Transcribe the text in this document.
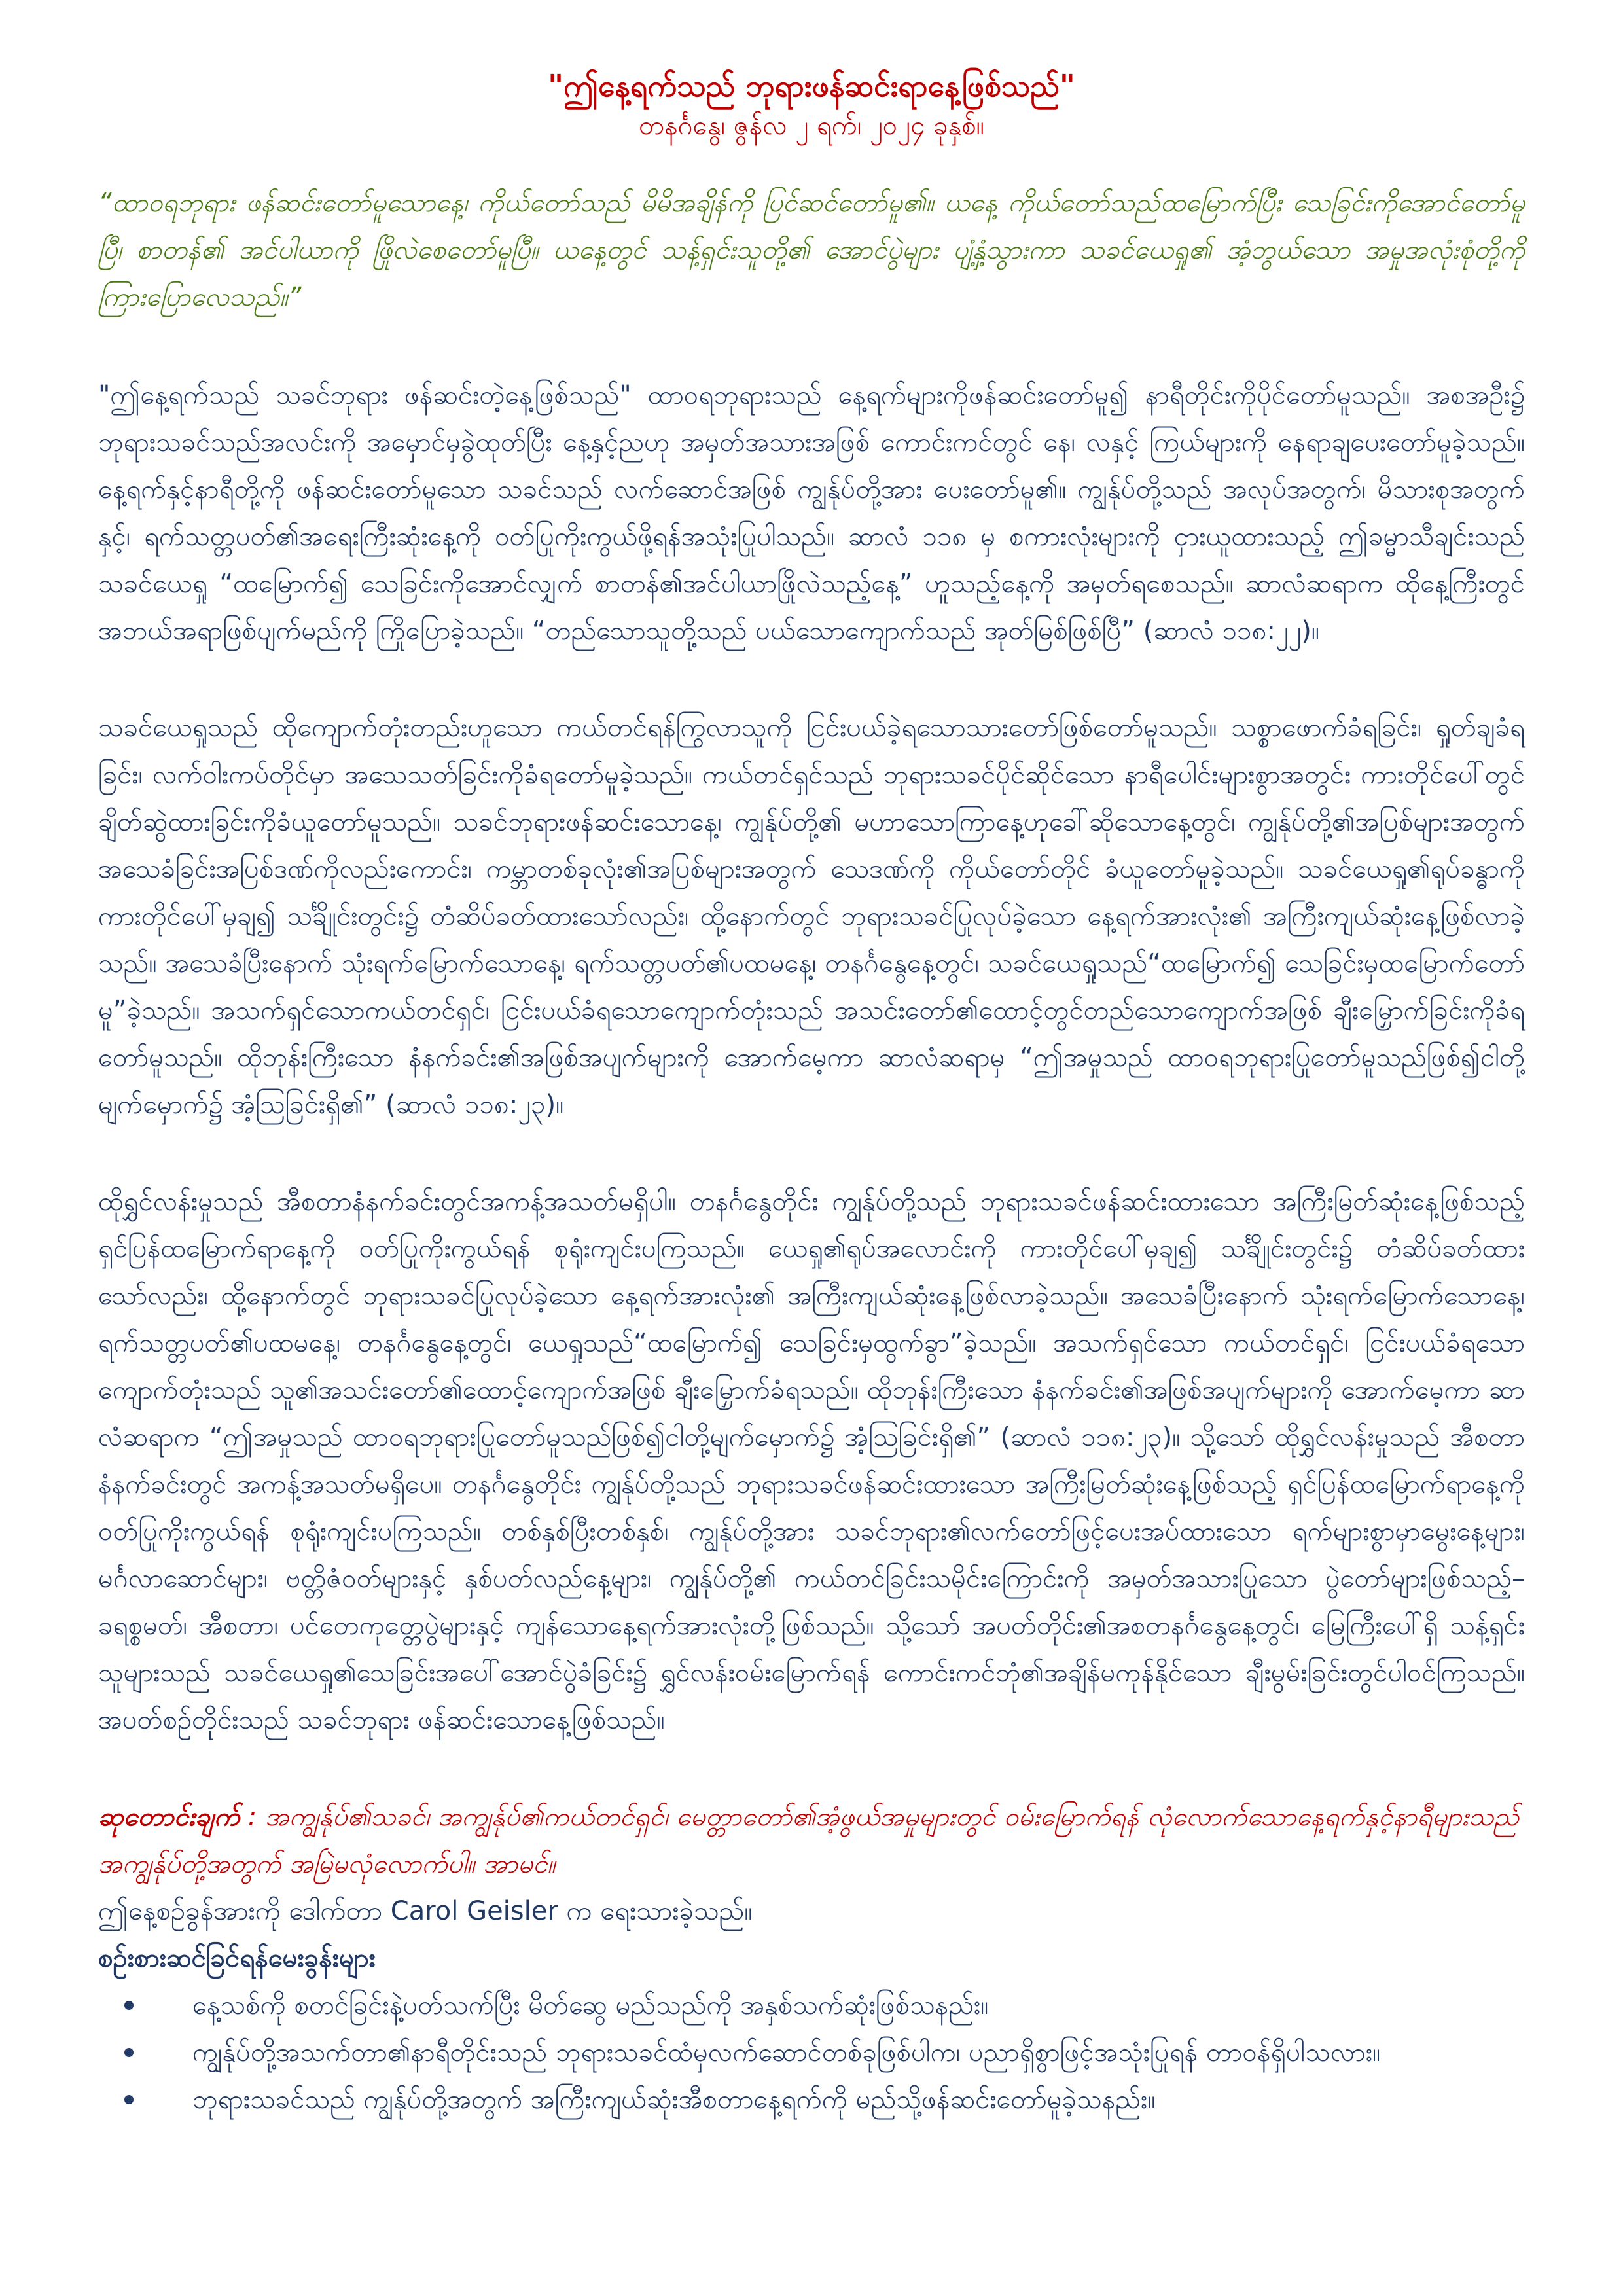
"ဤနေ့ရက်သည် ဘုရားဖန်ဆင်းရာနေ့ဖြစ်သည်"

တနင်္ဂနွေ၊ ဇွန်လ ၂ ရက်၊ ၂၀၂၄ ခုနှစ်။

“ထာဝရဘုရား ဖန်ဆင်းတော်မူသောနေ့၊ ကိုယ်တော်သည် မိမိအချိန်ကို ပြင်ဆင်တော်မူ၏။ ယနေ့ ကိုယ်တော်သည်ထမြောက်ပြီး သေခြင်းကိုအောင်တော်မူပြီ၊ စာတန်၏ အင်ပါယာကို ဖြိုလဲစေတော်မူပြီ။ ယနေ့တွင် သန့်ရှင်းသူတို့၏ အောင်ပွဲများ ပျံ့နှံ့သွားကာ သခင်ယေရှု၏ အံ့ဘွယ်သော အမှုအလုံးစုံတို့ကို ကြားပြောလေသည်။”

"ဤနေ့ရက်သည် သခင်ဘုရား ဖန်ဆင်းတဲ့နေ့ဖြစ်သည်" ထာဝရဘုရားသည် နေ့ရက်များကိုဖန်ဆင်းတော်မူ၍ နာရီတိုင်းကိုပိုင်တော်မူသည်။ အစအဦး၌ ဘုရားသခင်သည်အလင်းကို အမှောင်မှခွဲထုတ်ပြီး နေ့နှင့်ညဟု အမှတ်အသားအဖြစ် ကောင်းကင်တွင် နေ၊ လနှင့် ကြယ်များကို နေရာချပေးတော်မူခဲ့သည်။ နေ့ရက်နှင့်နာရီတို့ကို ဖန်ဆင်းတော်မူသော သခင်သည် လက်ဆောင်အဖြစ် ကျွန်ုပ်တို့အား ပေးတော်မူ၏။ ကျွန်ုပ်တို့သည် အလုပ်အတွက်၊ မိသားစုအတွက်နှင့်၊ ရက်သတ္တပတ်၏အရေးကြီးဆုံးနေ့ကို ဝတ်ပြုကိုးကွယ်ဖို့ရန်အသုံးပြုပါသည်။ ဆာလံ ၁၁၈ မှ စကားလုံးများကို ငှားယူထားသည့် ဤခမ္မာသီချင်းသည် သခင်ယေရှု “ထမြောက်၍ သေခြင်းကိုအောင်လျှက် စာတန်၏အင်ပါယာဖြိုလဲသည့်နေ့” ဟူသည့်နေ့ကို အမှတ်ရစေသည်။ ဆာလံဆရာက ထိုနေ့ကြီးတွင် အဘယ်အရာဖြစ်ပျက်မည်ကို ကြိုပြောခဲ့သည်။ “တည်သောသူတို့သည် ပယ်သောကျောက်သည် အုတ်မြစ်ဖြစ်ပြီ” (ဆာလံ ၁၁၈:၂၂)။

သခင်ယေရှုသည် ထိုကျောက်တုံးတည်းဟူသော ကယ်တင်ရန်ကြွလာသူကို ငြင်းပယ်ခဲ့ရသောသားတော်ဖြစ်တော်မူသည်။ သစ္စာဖောက်ခံရခြင်း၊ ရှုတ်ချခံရခြင်း၊ လက်ဝါးကပ်တိုင်မှာ အသေသတ်ခြင်းကိုခံရတော်မူခဲ့သည်။ ကယ်တင်ရှင်သည် ဘုရားသခင်ပိုင်ဆိုင်သော နာရီပေါင်းများစွာအတွင်း ကားတိုင်ပေါ်တွင် ချိတ်ဆွဲထားခြင်းကိုခံယူတော်မူသည်။ သခင်ဘုရားဖန်ဆင်းသောနေ့၊ ကျွန်ုပ်တို့၏ မဟာသောကြာနေ့ဟုခေါ်ဆိုသောနေ့တွင်၊ ကျွန်ုပ်တို့၏အပြစ်များအတွက် အသေခံခြင်းအပြစ်ဒဏ်ကိုလည်းကောင်း၊ ကမ္ဘာတစ်ခုလုံး၏အပြစ်များအတွက် သေဒဏ်ကို ကိုယ်တော်တိုင် ခံယူတော်မူခဲ့သည်။ သခင်ယေရှု၏ရုပ်ခန္ဓာကို ကားတိုင်ပေါ်မှချ၍ သင်္ချိုင်းတွင်း၌ တံဆိပ်ခတ်ထားသော်လည်း၊ ထို့နောက်တွင် ဘုရားသခင်ပြုလုပ်ခဲ့သော နေ့ရက်အားလုံး၏ အကြီးကျယ်ဆုံးနေ့ဖြစ်လာခဲ့သည်။ အသေခံပြီးနောက် သုံးရက်မြောက်သောနေ့၊ ရက်သတ္တပတ်၏ပထမနေ့၊ တနင်္ဂနွေနေ့တွင်၊ သခင်ယေရှုသည်“ထမြောက်၍ သေခြင်းမှထမြောက်တော်မူ”ခဲ့သည်။ အသက်ရှင်သောကယ်တင်ရှင်၊ ငြင်းပယ်ခံရသောကျောက်တုံးသည် အသင်းတော်၏ထောင့်တွင်တည်သောကျောက်အဖြစ် ချီးမြှောက်ခြင်းကိုခံရတော်မူသည်။ ထိုဘုန်းကြီးသော နံနက်ခင်း၏အဖြစ်အပျက်များကို အောက်မေ့ကာ ဆာလံဆရာမှ “ဤအမှုသည် ထာဝရဘုရားပြုတော်မူသည်ဖြစ်၍ငါတို့မျက်မှောက်၌ အံ့သြခြင်းရှိ၏” (ဆာလံ ၁၁၈:၂၃)။

ထိုရွှင်လန်းမှုသည် အီစတာနံနက်ခင်းတွင်အကန့်အသတ်မရှိပါ။ တနင်္ဂနွေတိုင်း ကျွန်ုပ်တို့သည် ဘုရားသခင်ဖန်ဆင်းထားသော အကြီးမြတ်ဆုံးနေ့ဖြစ်သည့် ရှင်ပြန်ထမြောက်ရာနေ့ကို ဝတ်ပြုကိုးကွယ်ရန် စုရုံးကျင်းပကြသည်။ ယေရှု၏ရုပ်အလောင်းကို ကားတိုင်ပေါ်မှချ၍ သင်္ချိုင်းတွင်း၌ တံဆိပ်ခတ်ထားသော်လည်း၊ ထို့နောက်တွင် ဘုရားသခင်ပြုလုပ်ခဲ့သော နေ့ရက်အားလုံး၏ အကြီးကျယ်ဆုံးနေ့ဖြစ်လာခဲ့သည်။ အသေခံပြီးနောက် သုံးရက်မြောက်သောနေ့၊ ရက်သတ္တပတ်၏ပထမနေ့၊ တနင်္ဂနွေနေ့တွင်၊ ယေရှုသည်“ထမြောက်၍ သေခြင်းမှထွက်ခွာ”ခဲ့သည်။ အသက်ရှင်သော ကယ်တင်ရှင်၊ ငြင်းပယ်ခံရသောကျောက်တုံးသည် သူ၏အသင်းတော်၏ထောင့်ကျောက်အဖြစ် ချီးမြှောက်ခံရသည်။ ထိုဘုန်းကြီးသော နံနက်ခင်း၏အဖြစ်အပျက်များကို အောက်မေ့ကာ ဆာလံဆရာက “ဤအမှုသည် ထာဝရဘုရားပြုတော်မူသည်ဖြစ်၍ငါတို့မျက်မှောက်၌ အံ့သြခြင်းရှိ၏” (ဆာလံ ၁၁၈:၂၃)။ သို့သော် ထိုရွှင်လန်းမှုသည် အီစတာနံနက်ခင်းတွင် အကန့်အသတ်မရှိပေ။ တနင်္ဂနွေတိုင်း ကျွန်ုပ်တို့သည် ဘုရားသခင်ဖန်ဆင်းထားသော အကြီးမြတ်ဆုံးနေ့ဖြစ်သည့် ရှင်ပြန်ထမြောက်ရာနေ့ကို ဝတ်ပြုကိုးကွယ်ရန် စုရုံးကျင်းပကြသည်။ တစ်နှစ်ပြီးတစ်နှစ်၊ ကျွန်ုပ်တို့အား သခင်ဘုရား၏လက်တော်ဖြင့်ပေးအပ်ထားသော ရက်များစွာမှာမွေးနေ့များ၊ မင်္ဂလာဆောင်များ၊ ဗတ္တိဇံဝတ်များနှင့် နှစ်ပတ်လည်နေ့များ၊ ကျွန်ုပ်တို့၏ ကယ်တင်ခြင်းသမိုင်းကြောင်းကို အမှတ်အသားပြုသော ပွဲတော်များဖြစ်သည့်– ခရစ္စမတ်၊ အီစတာ၊ ပင်တေကုတ္တေပွဲများနှင့် ကျန်သောနေ့ရက်အားလုံးတို့ဖြစ်သည်။ သို့သော် အပတ်တိုင်း၏အစတနင်္ဂနွေနေ့တွင်၊ မြေကြီးပေါ်ရှိ သန့်ရှင်းသူများသည် သခင်ယေရှု၏သေခြင်းအပေါ်အောင်ပွဲခံခြင်း၌ ရွှင်လန်းဝမ်းမြောက်ရန် ကောင်းကင်ဘုံ၏အချိန်မကုန်နိုင်သော ချီးမွမ်းခြင်းတွင်ပါဝင်ကြသည်။ အပတ်စဉ်တိုင်းသည် သခင်ဘုရား ဖန်ဆင်းသောနေ့ဖြစ်သည်။

ဆုတောင်းချက် : အကျွန်ုပ်၏သခင်၊ အကျွန်ုပ်၏ကယ်တင်ရှင်၊ မေတ္တာတော်၏အံ့ဖွယ်အမှုများတွင် ဝမ်းမြောက်ရန် လုံလောက်သောနေ့ရက်နှင့်နာရီများသည် အကျွန်ုပ်တို့အတွက် အမြဲမလုံလောက်ပါ။ အာမင်။

ဤနေ့စဉ်ခွန်အားကို ဒေါက်တာ Carol Geisler က ရေးသားခဲ့သည်။

စဉ်းစားဆင်ခြင်ရန်မေးခွန်းများ

နေ့သစ်ကို စတင်ခြင်းနဲ့ပတ်သက်ပြီး မိတ်ဆွေ မည်သည်ကို အနှစ်သက်ဆုံးဖြစ်သနည်း။
ကျွန်ုပ်တို့အသက်တာ၏နာရီတိုင်းသည် ဘုရားသခင်ထံမှလက်ဆောင်တစ်ခုဖြစ်ပါက၊ ပညာရှိစွာဖြင့်အသုံးပြုရန် တာဝန်ရှိပါသလား။
ဘုရားသခင်သည် ကျွန်ုပ်တို့အတွက် အကြီးကျယ်ဆုံးအီစတာနေ့ရက်ကို မည်သို့ဖန်ဆင်းတော်မူခဲ့သနည်း။
